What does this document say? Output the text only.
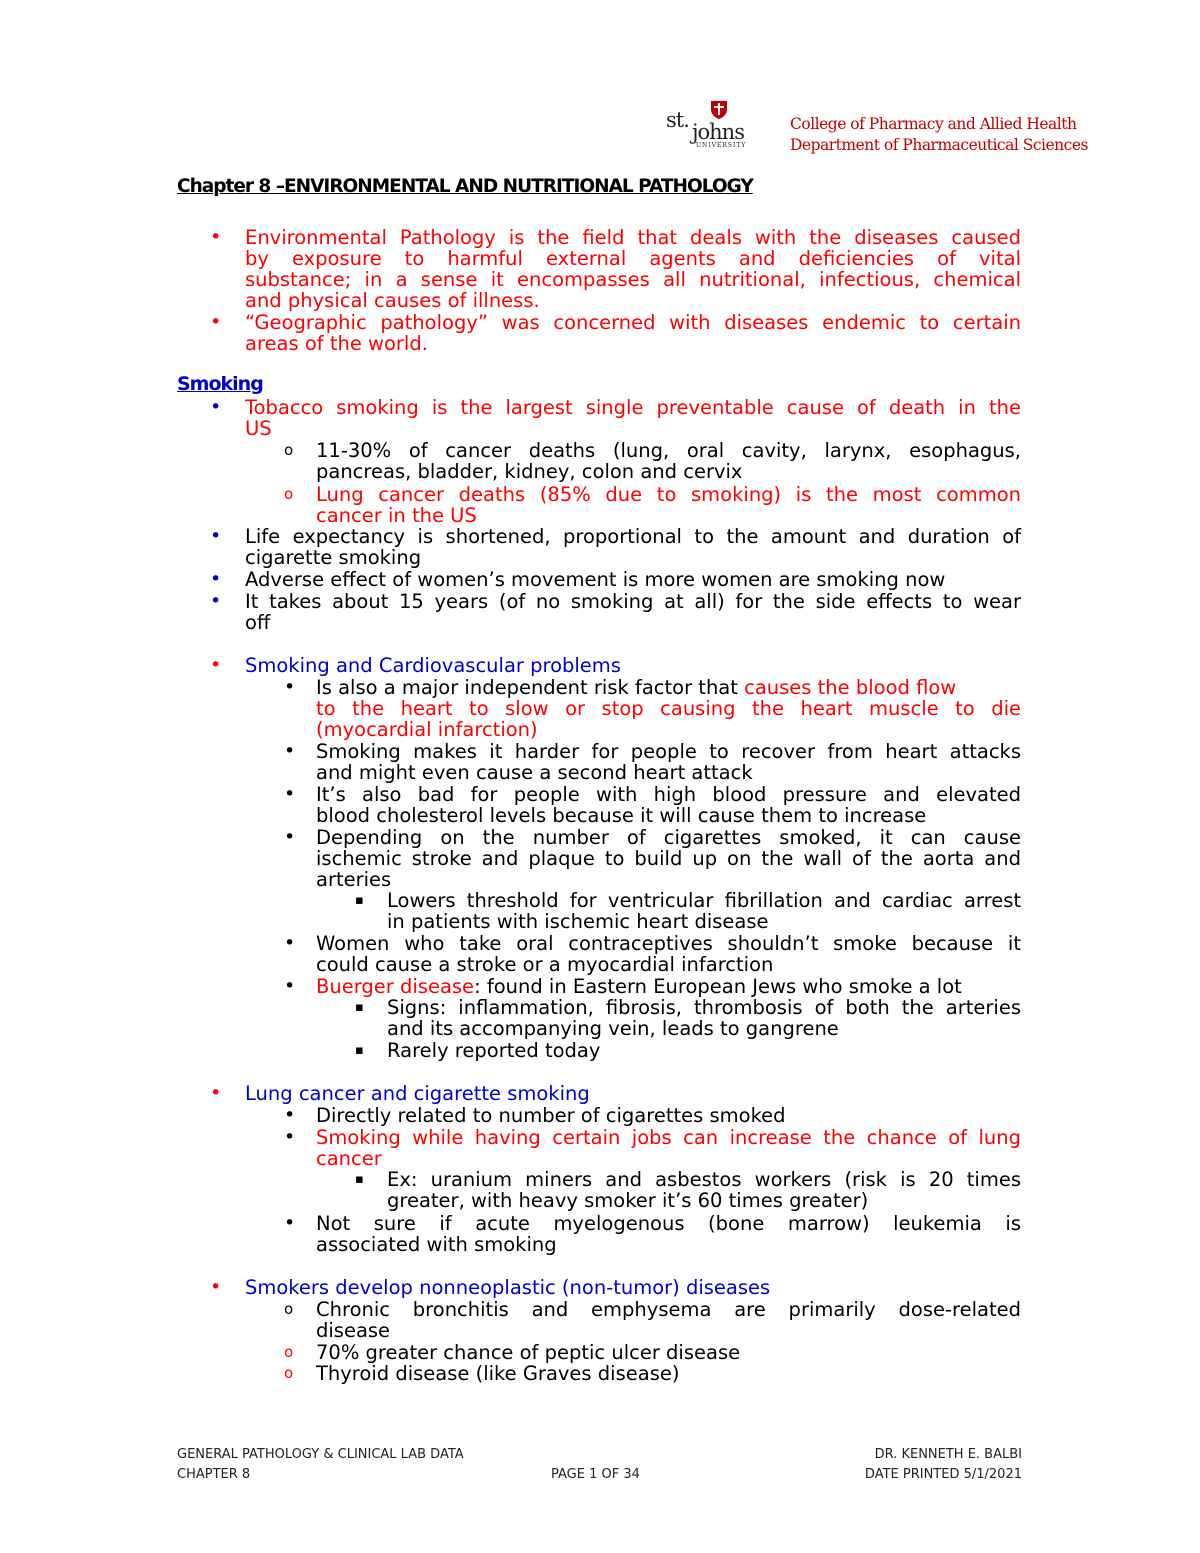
st. johns
UNIVERSITY
College of Pharmacy and Allied Health
Department of Pharmaceutical Sciences
Chapter 8 –ENVIRONMENTAL AND NUTRITIONAL PATHOLOGY
• Environmental Pathology is the field that deals with the diseases caused
by exposure to harmful external agents and deficiencies of vital
substance; in a sense it encompasses all nutritional, infectious, chemical
and physical causes of illness.
• “Geographic pathology” was concerned with diseases endemic to certain
areas of the world.
Smoking
• Tobacco smoking is the largest single preventable cause of death in the
US
o 11-30% of cancer deaths (lung, oral cavity, larynx, esophagus,
pancreas, bladder, kidney, colon and cervix
o Lung cancer deaths (85% due to smoking) is the most common
cancer in the US
• Life expectancy is shortened, proportional to the amount and duration of
cigarette smoking
• Adverse effect of women’s movement is more women are smoking now
• It takes about 15 years (of no smoking at all) for the side effects to wear
off
• Smoking and Cardiovascular problems
• Is also a major independent risk factor that causes the blood flow
to the heart to slow or stop causing the heart muscle to die
(myocardial infarction)
• Smoking makes it harder for people to recover from heart attacks
and might even cause a second heart attack
• It’s also bad for people with high blood pressure and elevated
blood cholesterol levels because it will cause them to increase
• Depending on the number of cigarettes smoked, it can cause
ischemic stroke and plaque to build up on the wall of the aorta and
arteries
▪ Lowers threshold for ventricular fibrillation and cardiac arrest
in patients with ischemic heart disease
• Women who take oral contraceptives shouldn’t smoke because it
could cause a stroke or a myocardial infarction
• Buerger disease: found in Eastern European Jews who smoke a lot
▪ Signs: inflammation, fibrosis, thrombosis of both the arteries
and its accompanying vein, leads to gangrene
▪ Rarely reported today
• Lung cancer and cigarette smoking
• Directly related to number of cigarettes smoked
• Smoking while having certain jobs can increase the chance of lung
cancer
▪ Ex: uranium miners and asbestos workers (risk is 20 times
greater, with heavy smoker it’s 60 times greater)
• Not sure if acute myelogenous (bone marrow) leukemia is
associated with smoking
• Smokers develop nonneoplastic (non-tumor) diseases
o Chronic bronchitis and emphysema are primarily dose-related
disease
o 70% greater chance of peptic ulcer disease
o Thyroid disease (like Graves disease)
GENERAL PATHOLOGY & CLINICAL LAB DATA
CHAPTER 8	PAGE 1 OF 34
DR. KENNETH E. BALBI
DATE PRINTED 5/1/2021
